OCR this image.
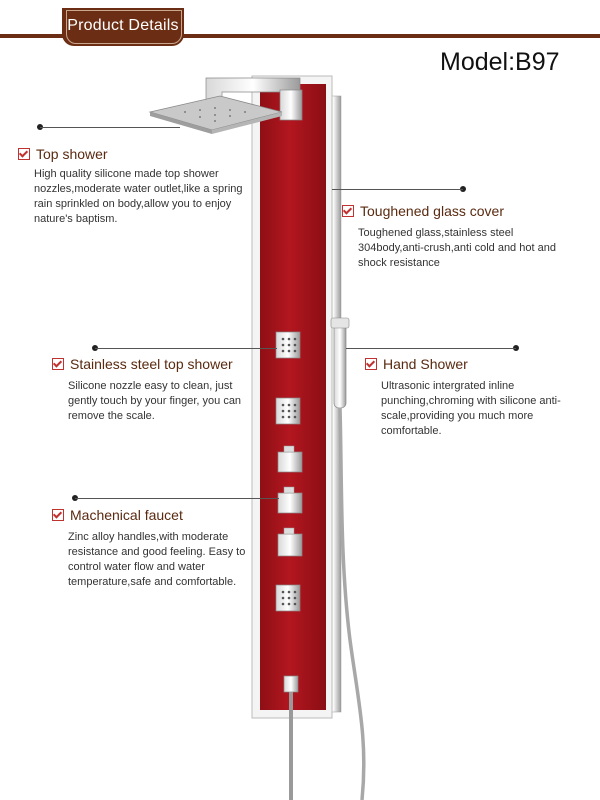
Product Details
Model:B97
Top shower
High quality silicone made top shower nozzles,moderate water outlet,like a spring rain sprinkled on body,allow you to enjoy nature's baptism.	Toughened glass cover
Toughened glass,stainless steel 304body,anti-crush,anti cold and hot and shock resistance
Stainless steel top shower
Silicone nozzle easy to clean, just gently touch by your finger, you can remove the scale.
Hand Shower
Ultrasonic intergrated inline punching,chroming with silicone anti-scale,providing you much more comfortable.
Machenical faucet
Zinc alloy handles,with moderate resistance and good feeling. Easy to control water flow and water temperature,safe and comfortable.
